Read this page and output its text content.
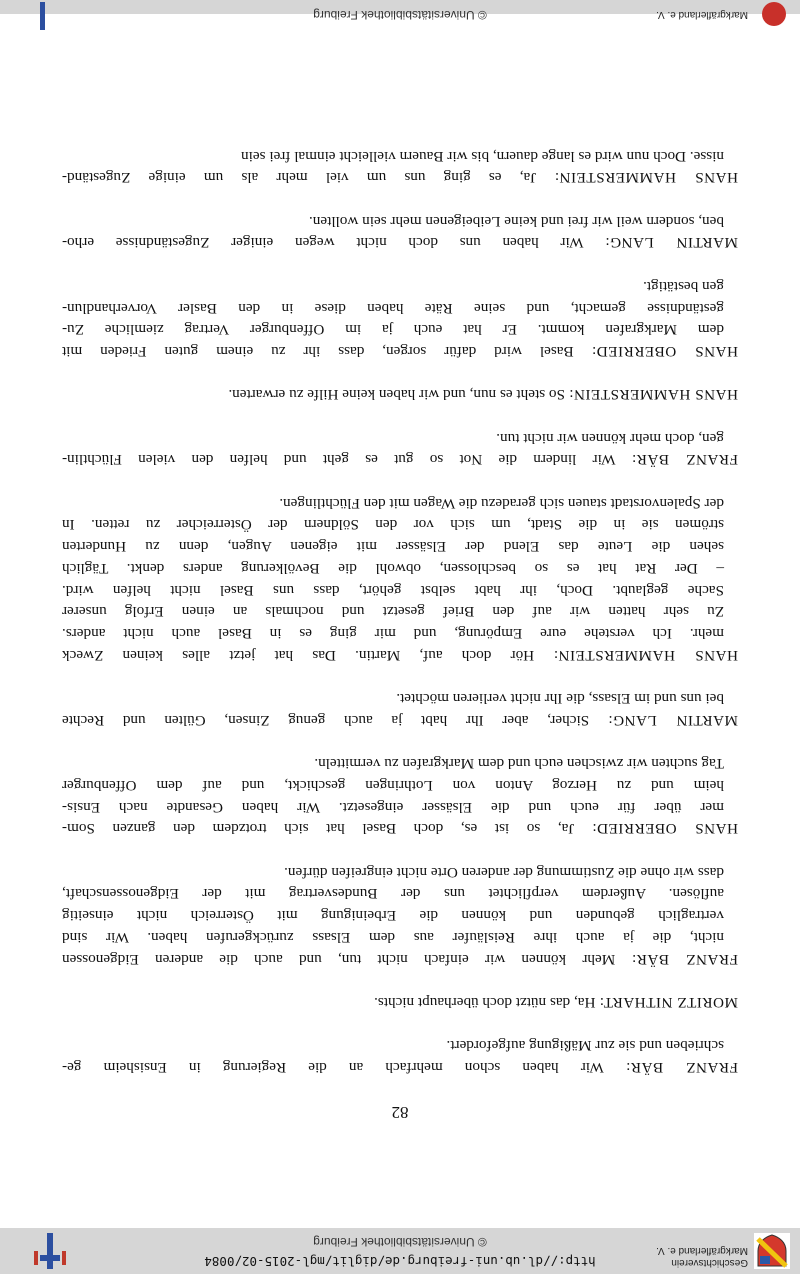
Geschichtsverein
Markgräflerland e. V.
http://dl.ub.uni-freiburg.de/diglit/mgl-2015-02/0084
© Universitätsbibliothek Freiburg
82
FRANZ BÄR: Wir haben schon mehrfach an die Regierung in Ensisheim ge-
schrieben und sie zur Mäßigung aufgefordert.
MORITZ NITHART: Ha, das nützt doch überhaupt nichts.
FRANZ BÄR: Mehr können wir einfach nicht tun, und auch die anderen Eidgenossen
nicht, die ja auch ihre Reisläufer aus dem Elsass zurückgerufen haben. Wir sind
vertraglich gebunden und können die Erbeinigung mit Österreich nicht einseitig
auflösen. Außerdem verpflichtet uns der Bundesvertrag mit der Eidgenossenschaft,
dass wir ohne die Zustimmung der anderen Orte nicht eingreifen dürfen.
HANS OBERRIED: Ja, so ist es, doch Basel hat sich trotzdem den ganzen Som-
mer über für euch und die Elsässer eingesetzt. Wir haben Gesandte nach Ensis-
heim und zu Herzog Anton von Lothringen geschickt, und auf dem Offenburger
Tag suchten wir zwischen euch und dem Markgrafen zu vermitteln.
MARTIN LANG: Sicher, aber Ihr habt ja auch genug Zinsen, Gülten und Rechte
bei uns und im Elsass, die Ihr nicht verlieren möchtet.
HANS HAMMERSTEIN: Hör doch auf, Martin. Das hat jetzt alles keinen Zweck
mehr. Ich verstehe eure Empörung, und mir ging es in Basel auch nicht anders.
Zu sehr hatten wir auf den Brief gesetzt und nochmals an einen Erfolg unserer
Sache geglaubt. Doch, ihr habt selbst gehört, dass uns Basel nicht helfen wird.
– Der Rat hat es so beschlossen, obwohl die Bevölkerung anders denkt. Täglich
sehen die Leute das Elend der Elsässer mit eigenen Augen, denn zu Hunderten
strömen sie in die Stadt, um sich vor den Söldnern der Österreicher zu retten. In
der Spalenvorstadt stauen sich geradezu die Wagen mit den Flüchtlingen.
FRANZ BÄR: Wir lindern die Not so gut es geht und helfen den vielen Flüchtlin-
gen, doch mehr können wir nicht tun.
HANS HAMMERSTEIN: So steht es nun, und wir haben keine Hilfe zu erwarten.
HANS OBERRIED: Basel wird dafür sorgen, dass ihr zu einem guten Frieden mit
dem Markgrafen kommt. Er hat euch ja im Offenburger Vertrag ziemliche Zu-
geständnisse gemacht, und seine Räte haben diese in den Basler Vorverhandlun-
gen bestätigt.
MARTIN LANG: Wir haben uns doch nicht wegen einiger Zugeständnisse erho-
ben, sondern weil wir frei und keine Leibeigenen mehr sein wollten.
HANS HAMMERSTEIN: Ja, es ging uns um viel mehr als um einige Zugeständ-
nisse. Doch nun wird es lange dauern, bis wir Bauern vielleicht einmal frei sein
Markgräflerland e. V.
© Universitätsbibliothek Freiburg
